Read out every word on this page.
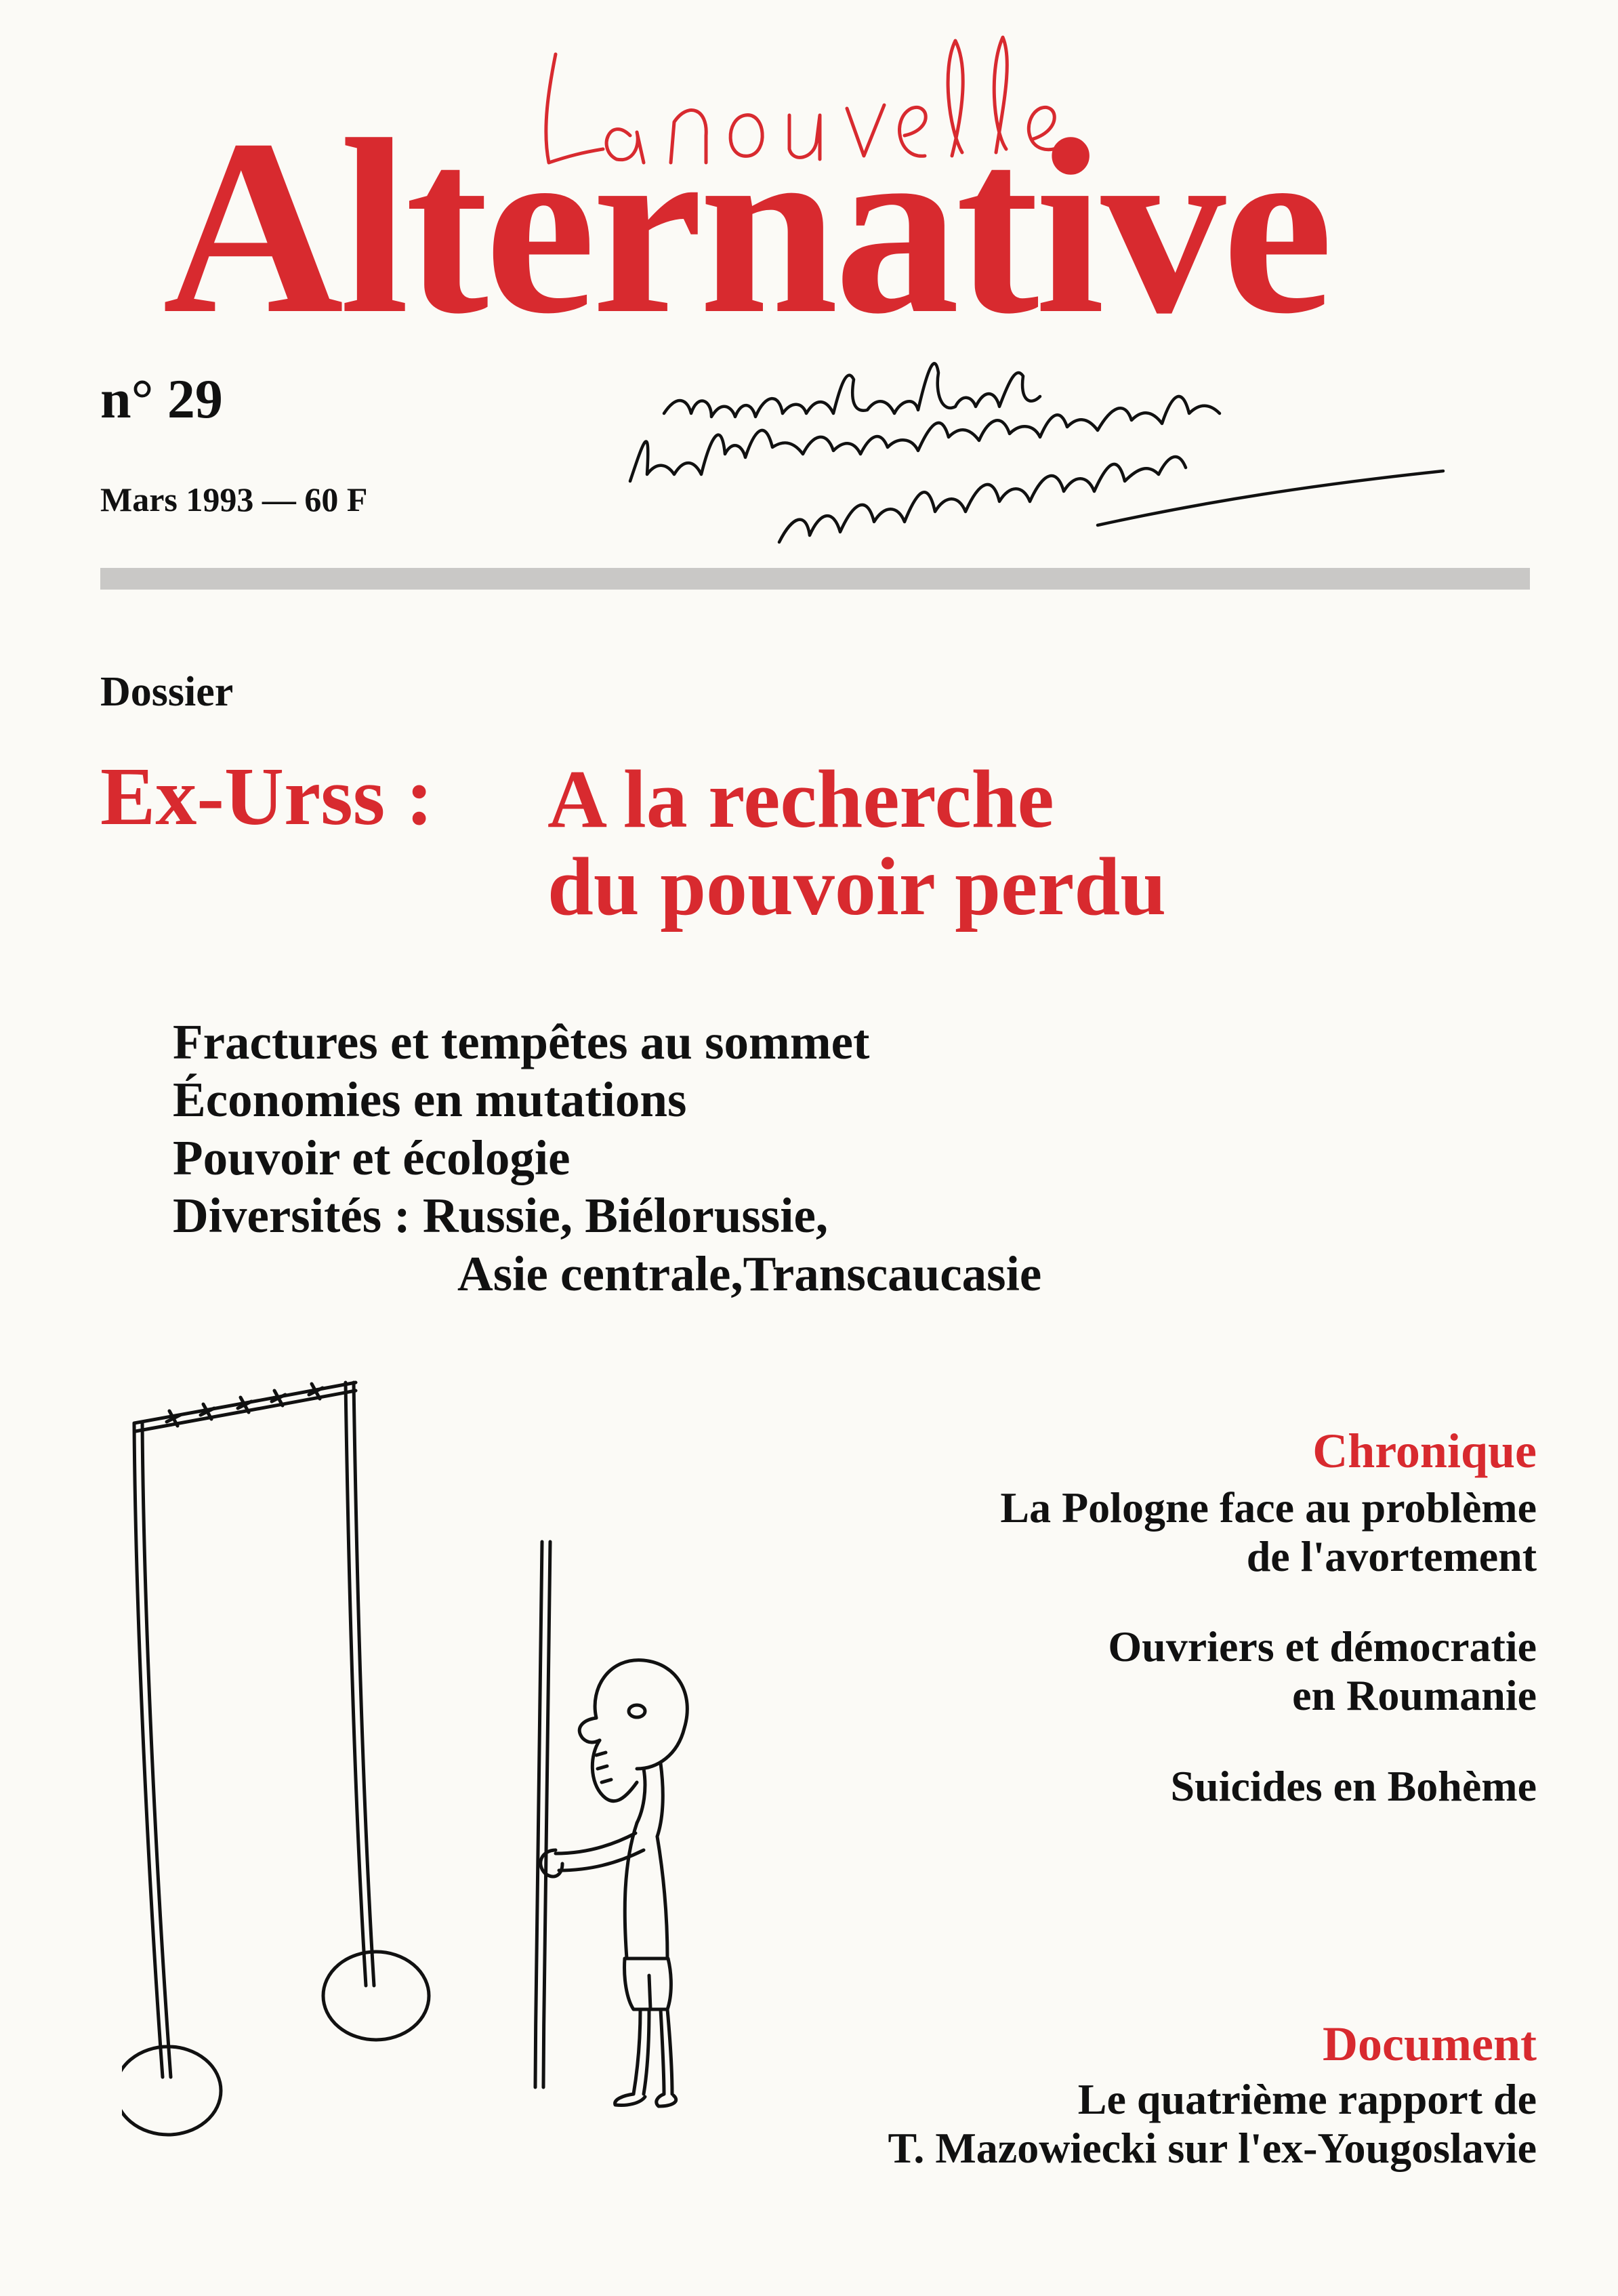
Alternative
n° 29
Mars 1993 — 60 F
Dossier
Ex-Urss : A la recherche
du pouvoir perdu
Fractures et tempêtes au sommet
Économies en mutations
Pouvoir et écologie
Diversités : Russie, Biélorussie,
Asie centrale,Transcaucasie
Chronique
La Pologne face au problème
de l'avortement
Ouvriers et démocratie
en Roumanie
Suicides en Bohème
Document
Le quatrième rapport de
T. Mazowiecki sur l'ex-Yougoslavie
